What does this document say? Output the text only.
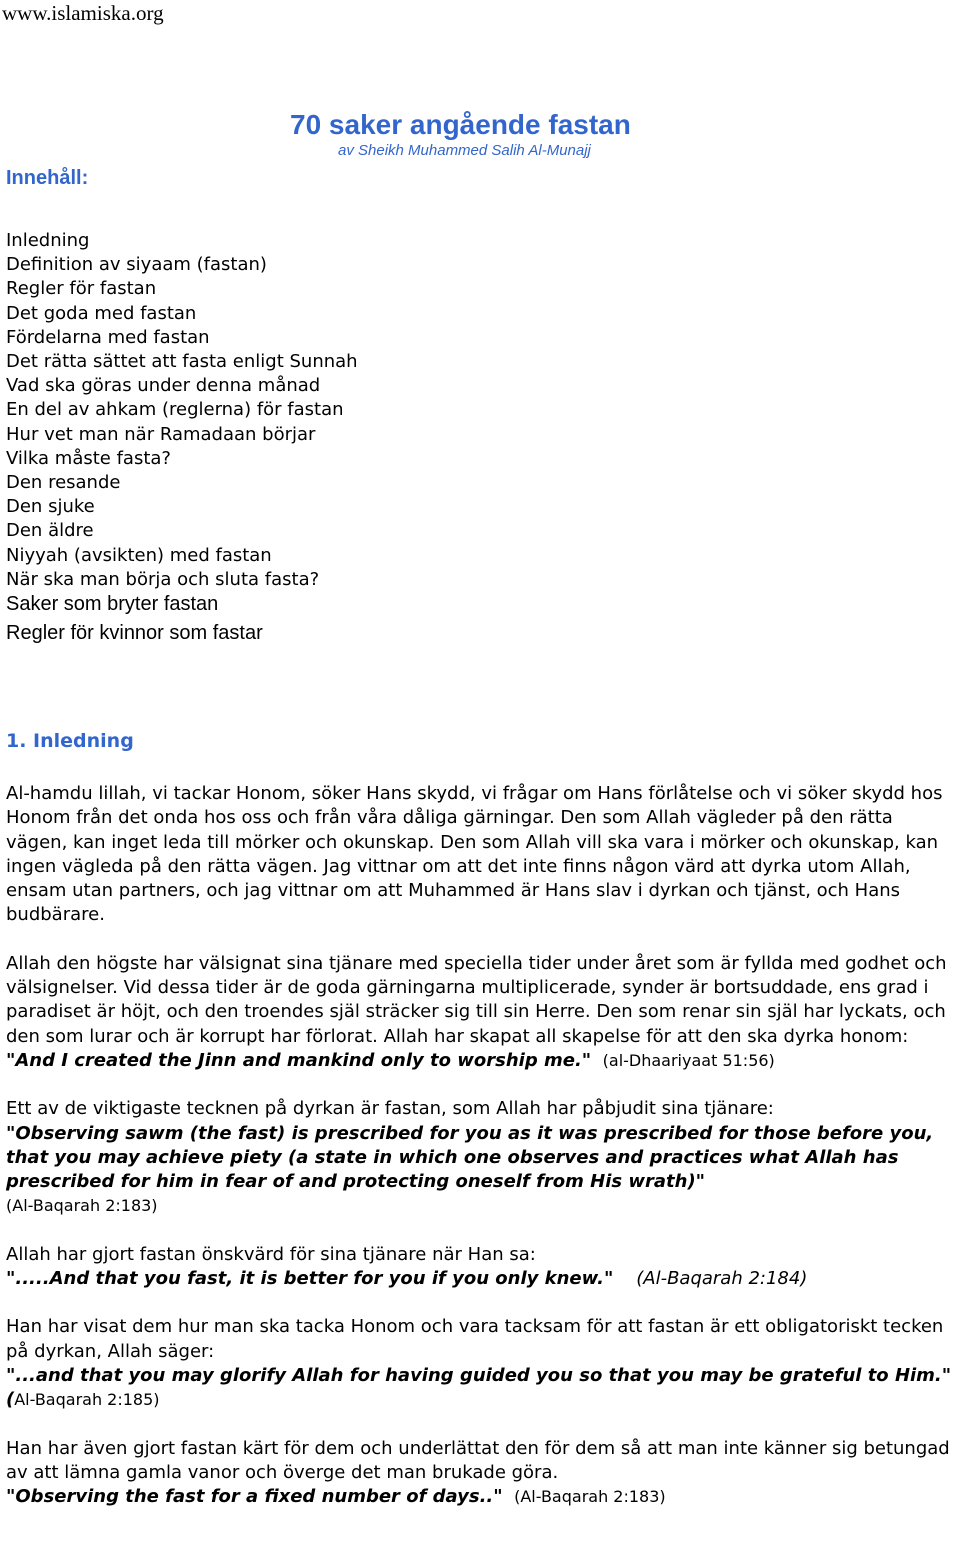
www.islamiska.org
70 saker angående fastan
av Sheikh Muhammed Salih Al-Munajj
Innehåll:
Inledning
Definition av siyaam (fastan)
Regler för fastan
Det goda med fastan
Fördelarna med fastan
Det rätta sättet att fasta enligt Sunnah
Vad ska göras under denna månad
En del av ahkam (reglerna) för fastan
Hur vet man när Ramadaan börjar
Vilka måste fasta?
Den resande
Den sjuke
Den äldre
Niyyah (avsikten) med fastan
När ska man börja och sluta fasta?
Saker som bryter fastan
Regler för kvinnor som fastar
1. Inledning

Al-hamdu lillah, vi tackar Honom, söker Hans skydd, vi frågar om Hans förlåtelse och vi söker skydd hos Honom från det onda hos oss och från våra dåliga gärningar. Den som Allah vägleder på den rätta vägen, kan inget leda till mörker och okunskap. Den som Allah vill ska vara i mörker och okunskap, kan ingen vägleda på den rätta vägen. Jag vittnar om att det inte finns någon värd att dyrka utom Allah, ensam utan partners, och jag vittnar om att Muhammed är Hans slav i dyrkan och tjänst, och Hans budbärare.

Allah den högste har välsignat sina tjänare med speciella tider under året som är fyllda med godhet och välsignelser. Vid dessa tider är de goda gärningarna multiplicerade, synder är bortsuddade, ens grad i paradiset är höjt, och den troendes själ sträcker sig till sin Herre. Den som renar sin själ har lyckats, och den som lurar och är korrupt har förlorat. Allah har skapat all skapelse för att den ska dyrka honom:
"And I created the Jinn and mankind only to worship me." (al-Dhaariyaat 51:56)

Ett av de viktigaste tecknen på dyrkan är fastan, som Allah har påbjudit sina tjänare:
"Observing sawm (the fast) is prescribed for you as it was prescribed for those before you, that you may achieve piety (a state in which one observes and practices what Allah has prescribed for him in fear of and protecting oneself from His wrath)"
(Al-Baqarah 2:183)

Allah har gjort fastan önskvärd för sina tjänare när Han sa:
".....And that you fast, it is better for you if you only knew." (Al-Baqarah 2:184)

Han har visat dem hur man ska tacka Honom och vara tacksam för att fastan är ett obligatoriskt tecken på dyrkan, Allah säger:
"...and that you may glorify Allah for having guided you so that you may be grateful to Him." (Al-Baqarah 2:185)

Han har även gjort fastan kärt för dem och underlättat den för dem så att man inte känner sig betungad av att lämna gamla vanor och överge det man brukade göra.
"Observing the fast for a fixed number of days.." (Al-Baqarah 2:183)
